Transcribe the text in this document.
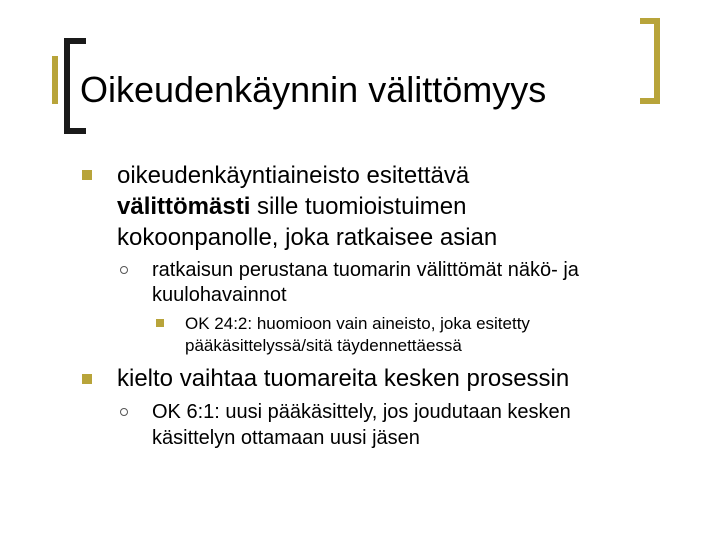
Oikeudenkäynnin välittömyys
oikeudenkäyntiaineisto esitettävä
välittömästi sille tuomioistuimen
kokoonpanolle, joka ratkaisee asian
ratkaisun perustana tuomarin välittömät näkö- ja
kuulohavainnot
OK 24:2: huomioon vain aineisto, joka esitetty
pääkäsittelyssä/sitä täydennettäessä
kielto vaihtaa tuomareita kesken prosessin
OK 6:1: uusi pääkäsittely, jos joudutaan kesken
käsittelyn ottamaan uusi jäsen
